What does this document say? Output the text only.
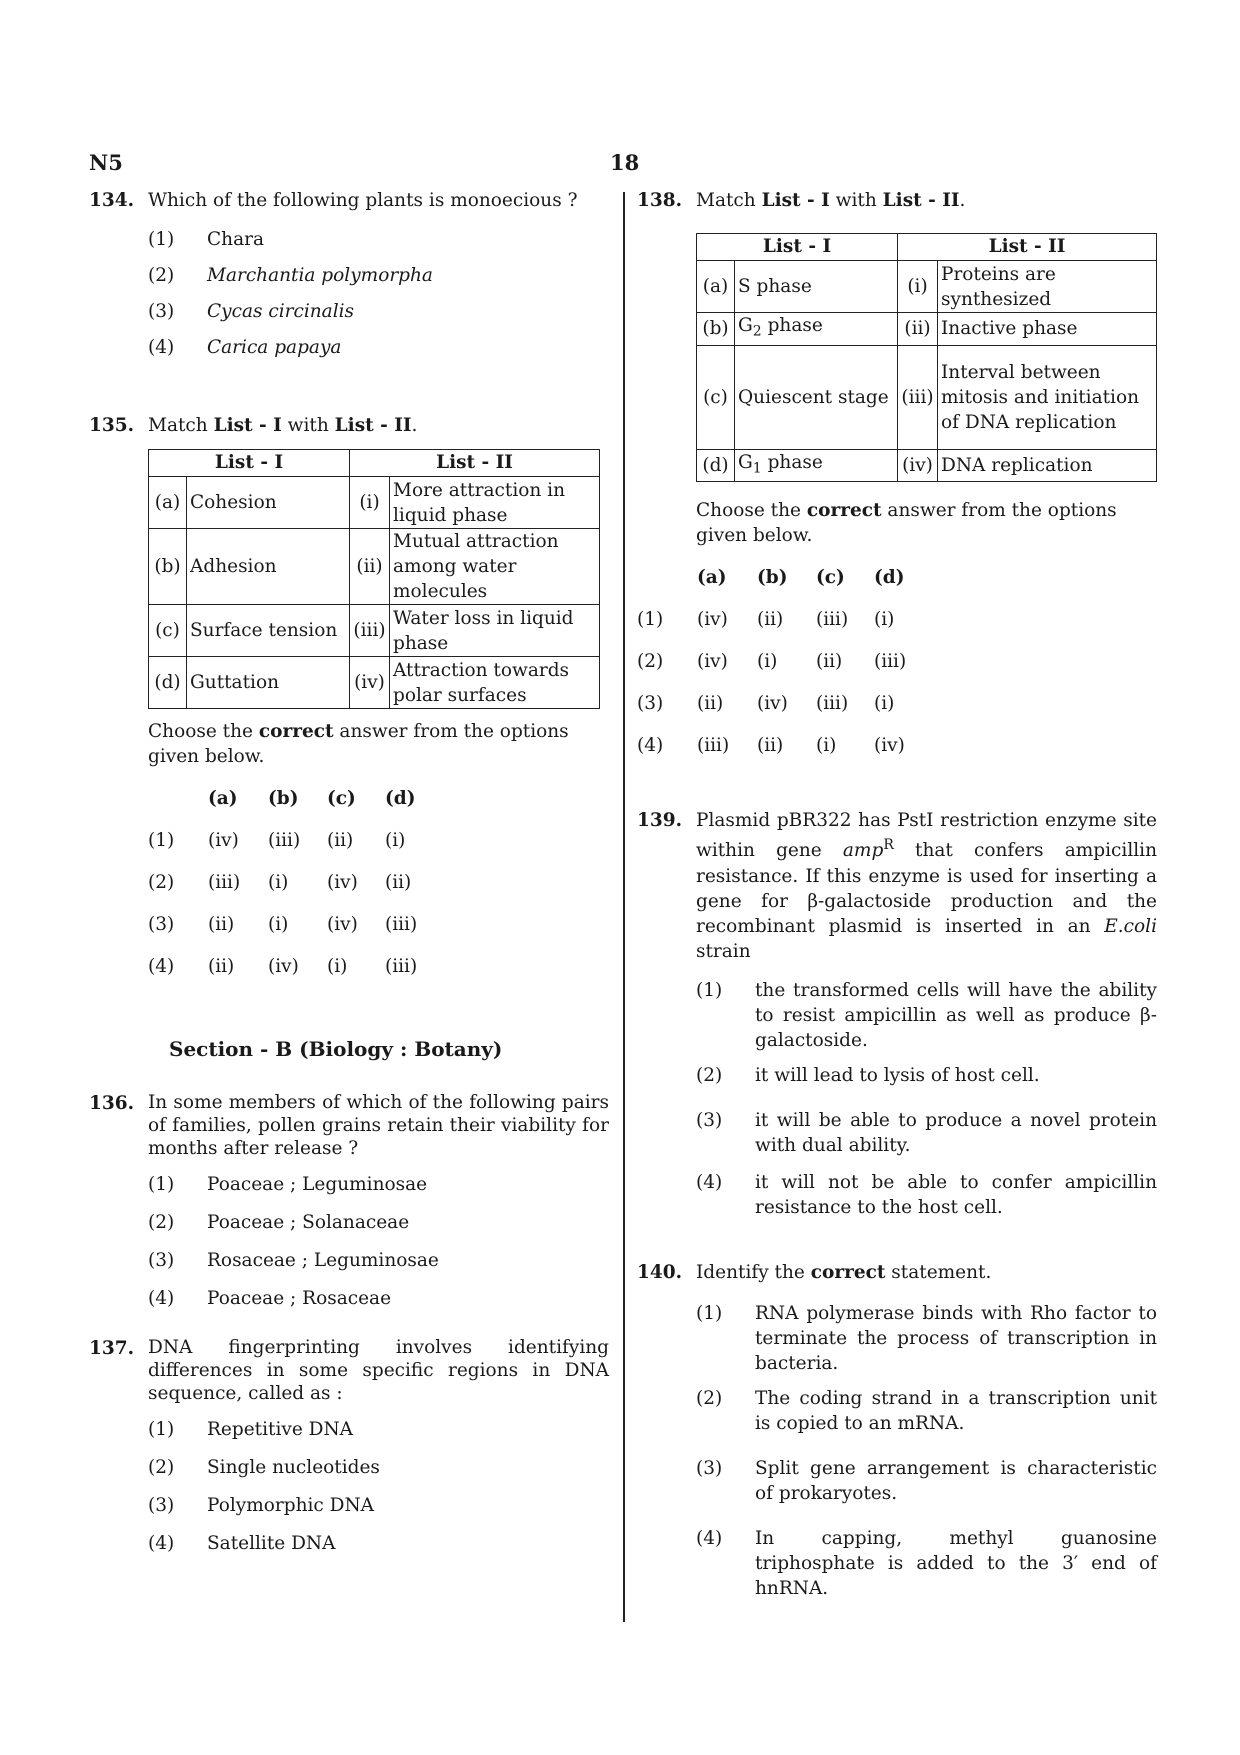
N5	18
134. Which of the following plants is monoecious ?
(1)	Chara
(2)	Marchantia polymorpha
(3)	Cycas circinalis
(4)	Carica papaya
135. Match List - I with List - II.
List - I		List - II	
(a)	Cohesion	(i)	More attraction in liquid phase
(b)	Adhesion	(ii)	Mutual attraction among water molecules
(c)	Surface tension	(iii)	Water loss in liquid phase
(d)	Guttation	(iv)	Attraction towards polar surfaces
Choose the correct answer from the options given below.
	(a)	(b)	(c)	(d)
(1)	(iv)	(iii)	(ii)	(i)
(2)	(iii)	(i)	(iv)	(ii)
(3)	(ii)	(i)	(iv)	(iii)
(4)	(ii)	(iv)	(i)	(iii)
Section - B (Biology : Botany)
136. In some members of which of the following pairs of families, pollen grains retain their viability for months after release ?
(1)	Poaceae ; Leguminosae
(2)	Poaceae ; Solanaceae
(3)	Rosaceae ; Leguminosae
(4)	Poaceae ; Rosaceae
137. DNA fingerprinting involves identifying differences in some specific regions in DNA sequence, called as :
(1)	Repetitive DNA
(2)	Single nucleotides
(3)	Polymorphic DNA
(4)	Satellite DNA
138. Match List - I with List - II.
List - I		List - II	
(a)	S phase	(i)	Proteins are synthesized
(b)	$G_2$ phase	(ii)	Inactive phase
(c)	Quiescent stage	(iii)	Interval between mitosis and initiation of DNA replication
(d)	$G_1$ phase	(iv)	DNA replication
Choose the correct answer from the options given below.
	(a)	(b)	(c)	(d)
(1)	(iv)	(ii)	(iii)	(i)
(2)	(iv)	(i)	(ii)	(iii)
(3)	(ii)	(iv)	(iii)	(i)
(4)	(iii)	(ii)	(i)	(iv)
139. Plasmid pBR322 has PstI restriction enzyme site within gene amp$^R$ that confers ampicillin resistance. If this enzyme is used for inserting a gene for β-galactoside production and the recombinant plasmid is inserted in an E.coli strain
(1)	the transformed cells will have the ability to resist ampicillin as well as produce β-galactoside.
(2)	it will lead to lysis of host cell.
(3)	it will be able to produce a novel protein with dual ability.
(4)	it will not be able to confer ampicillin resistance to the host cell.
140. Identify the correct statement.
(1)	RNA polymerase binds with Rho factor to terminate the process of transcription in bacteria.
(2)	The coding strand in a transcription unit is copied to an mRNA.
(3)	Split gene arrangement is characteristic of prokaryotes.
(4)	In capping, methyl guanosine triphosphate is added to the 3′ end of hnRNA.
